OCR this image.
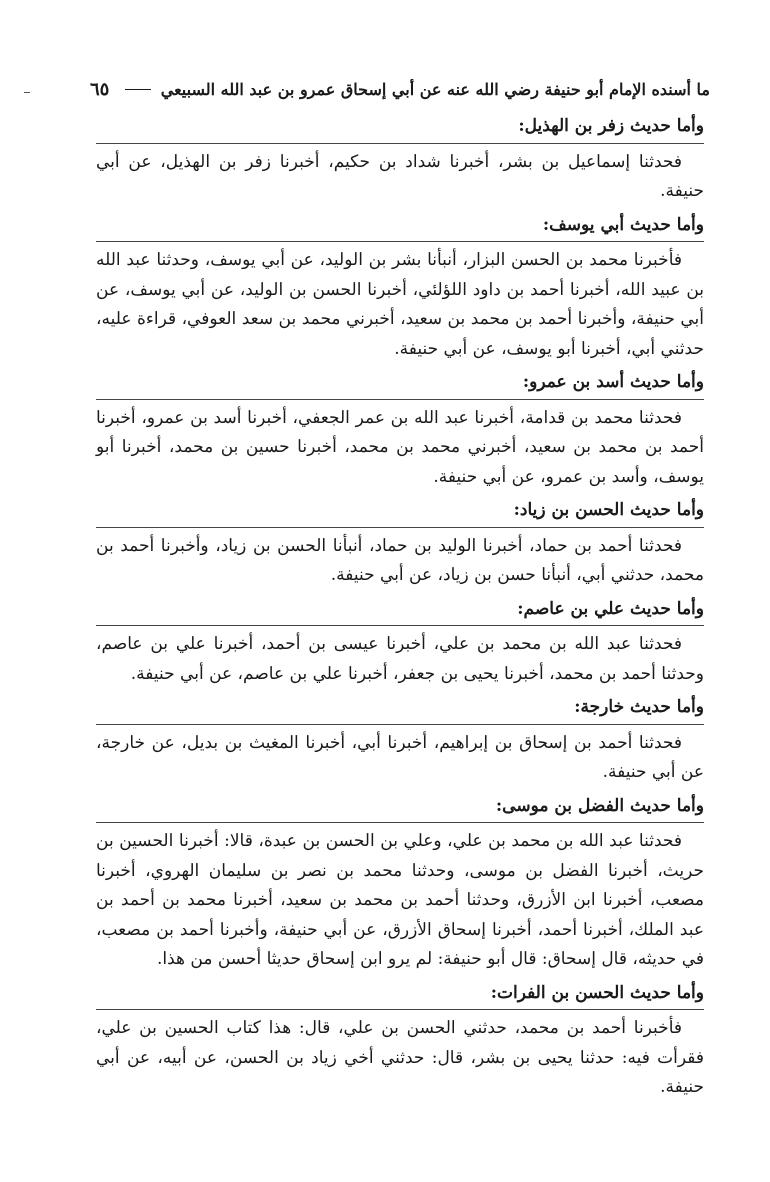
ما أسنده الإمام أبو حنيفة رضي الله عنه عن أبي إسحاق عمرو بن عبد الله السبيعي
٦٥
وأما حديث زفر بن الهذيل:

فحدثنا إسماعيل بن بشر، أخبرنا شداد بن حكيم، أخبرنا زفر بن الهذيل، عن أبي حنيفة.

وأما حديث أبي يوسف:

فأخبرنا محمد بن الحسن البزار، أنبأنا بشر بن الوليد، عن أبي يوسف، وحدثنا عبد الله بن عبيد الله، أخبرنا أحمد بن داود اللؤلئي، أخبرنا الحسن بن الوليد، عن أبي يوسف، عن أبي حنيفة، وأخبرنا أحمد بن محمد بن سعيد، أخبرني محمد بن سعد العوفي، قراءة عليه، حدثني أبي، أخبرنا أبو يوسف، عن أبي حنيفة.

وأما حديث أسد بن عمرو:

فحدثنا محمد بن قدامة، أخبرنا عبد الله بن عمر الجعفي، أخبرنا أسد بن عمرو، أخبرنا أحمد بن محمد بن سعيد، أخبرني محمد بن محمد، أخبرنا حسين بن محمد، أخبرنا أبو يوسف، وأسد بن عمرو، عن أبي حنيفة.

وأما حديث الحسن بن زياد:

فحدثنا أحمد بن حماد، أخبرنا الوليد بن حماد، أنبأنا الحسن بن زياد، وأخبرنا أحمد بن محمد، حدثني أبي، أنبأنا حسن بن زياد، عن أبي حنيفة.

وأما حديث علي بن عاصم:

فحدثنا عبد الله بن محمد بن علي، أخبرنا عيسى بن أحمد، أخبرنا علي بن عاصم، وحدثنا أحمد بن محمد، أخبرنا يحيى بن جعفر، أخبرنا علي بن عاصم، عن أبي حنيفة.

وأما حديث خارجة:

فحدثنا أحمد بن إسحاق بن إبراهيم، أخبرنا أبي، أخبرنا المغيث بن بديل، عن خارجة، عن أبي حنيفة.

وأما حديث الفضل بن موسى:

فحدثنا عبد الله بن محمد بن علي، وعلي بن الحسن بن عبدة، قالا: أخبرنا الحسين بن حريث، أخبرنا الفضل بن موسى، وحدثنا محمد بن نصر بن سليمان الهروي، أخبرنا مصعب، أخبرنا ابن الأزرق، وحدثنا أحمد بن محمد بن سعيد، أخبرنا محمد بن أحمد بن عبد الملك، أخبرنا أحمد، أخبرنا إسحاق الأزرق، عن أبي حنيفة، وأخبرنا أحمد بن مصعب، في حديثه، قال إسحاق: قال أبو حنيفة: لم يرو ابن إسحاق حديثا أحسن من هذا.

وأما حديث الحسن بن الفرات:

فأخبرنا أحمد بن محمد، حدثني الحسن بن علي، قال: هذا كتاب الحسين بن علي، فقرأت فيه: حدثنا يحيى بن بشر، قال: حدثني أخي زياد بن الحسن، عن أبيه، عن أبي حنيفة.
